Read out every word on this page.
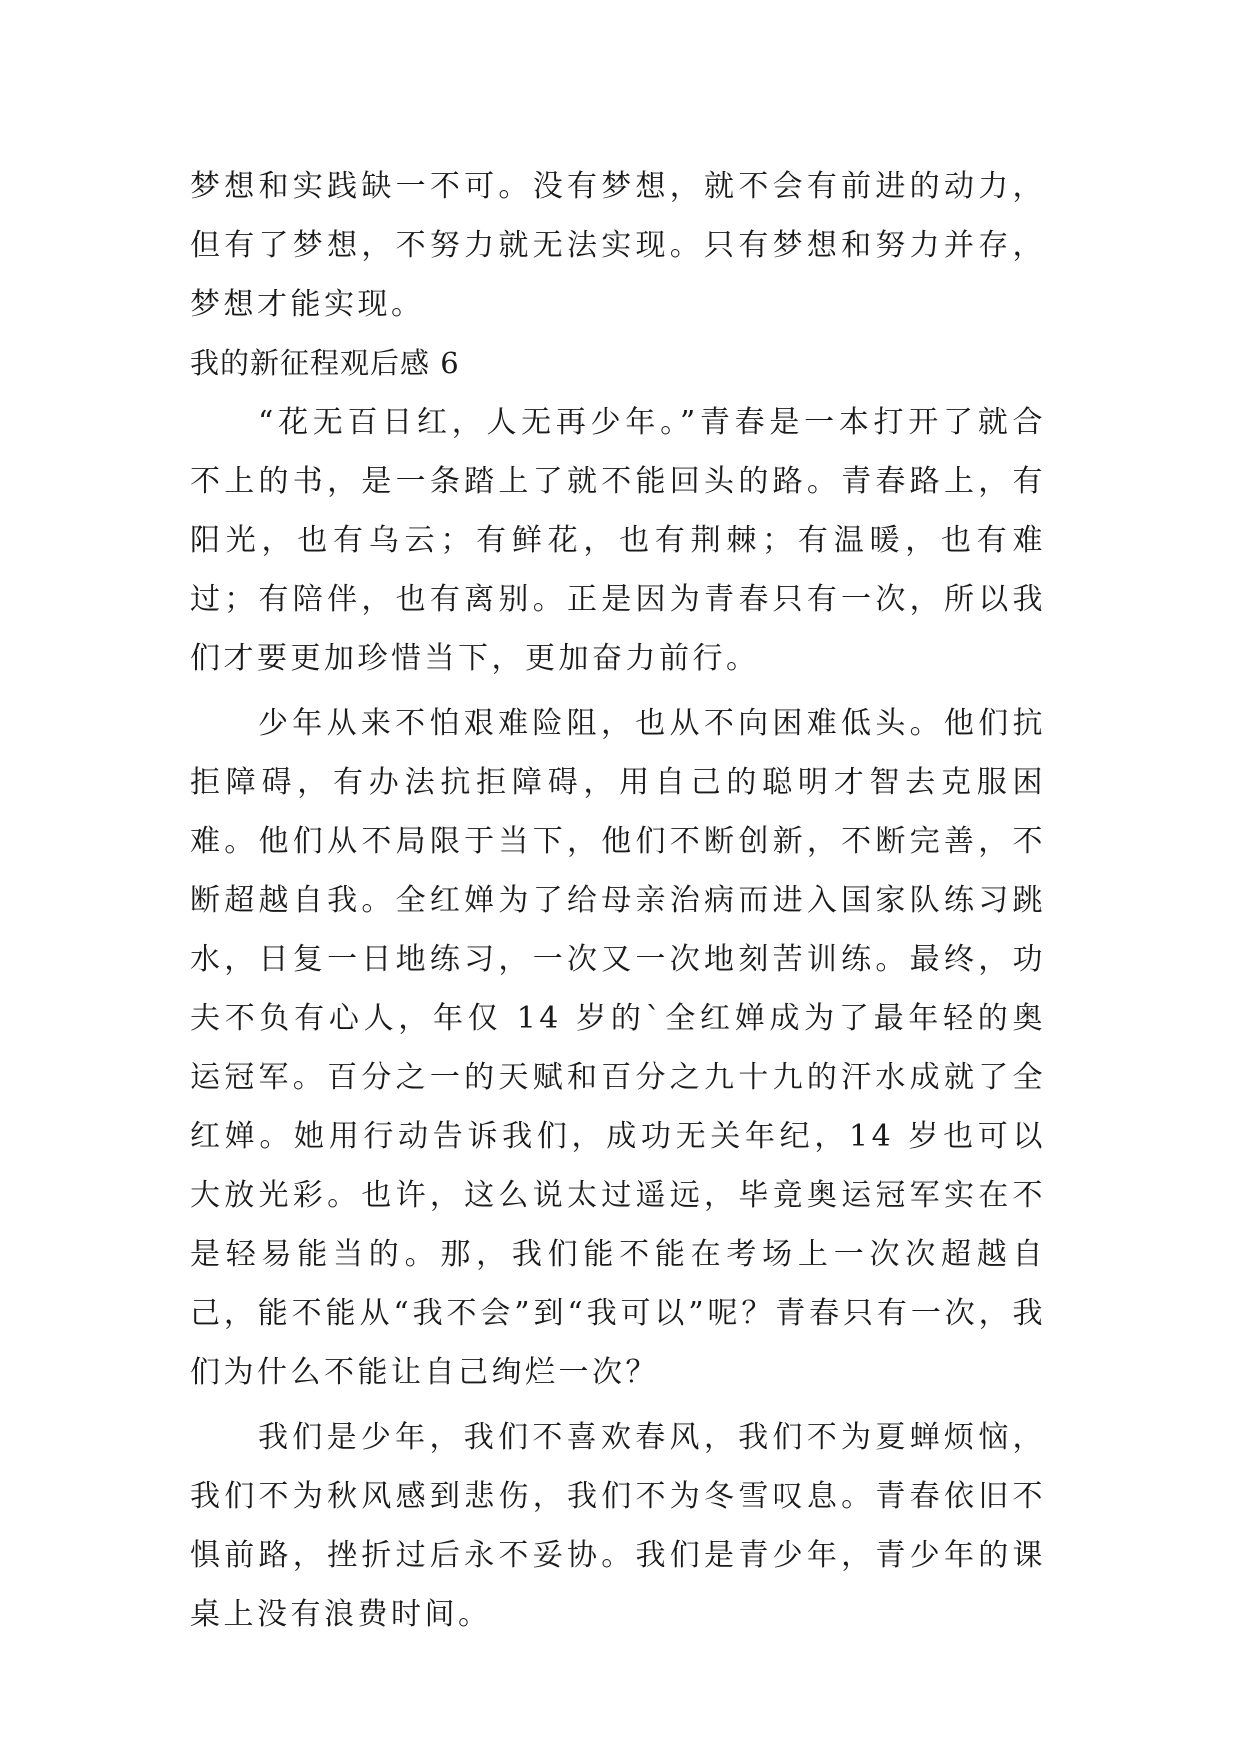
梦想和实践缺一不可。没有梦想，就不会有前进的动力，但有了梦想，不努力就无法实现。只有梦想和努力并存，梦想才能实现。

我的新征程观后感 6

“花无百日红，人无再少年。”青春是一本打开了就合不上的书，是一条踏上了就不能回头的路。青春路上，有阳光，也有乌云；有鲜花，也有荆棘；有温暖，也有难过；有陪伴，也有离别。正是因为青春只有一次，所以我们才要更加珍惜当下，更加奋力前行。

少年从来不怕艰难险阻，也从不向困难低头。他们抗拒障碍，有办法抗拒障碍，用自己的聪明才智去克服困难。他们从不局限于当下，他们不断创新，不断完善，不断超越自我。全红婵为了给母亲治病而进入国家队练习跳水，日复一日地练习，一次又一次地刻苦训练。最终，功夫不负有心人，年仅 14 岁的`全红婵成为了最年轻的奥运冠军。百分之一的天赋和百分之九十九的汗水成就了全红婵。她用行动告诉我们，成功无关年纪，14 岁也可以大放光彩。也许，这么说太过遥远，毕竟奥运冠军实在不是轻易能当的。那，我们能不能在考场上一次次超越自己，能不能从“我不会”到“我可以”呢？青春只有一次，我们为什么不能让自己绚烂一次？

我们是少年，我们不喜欢春风，我们不为夏蝉烦恼，我们不为秋风感到悲伤，我们不为冬雪叹息。青春依旧不惧前路，挫折过后永不妥协。我们是青少年，青少年的课桌上没有浪费时间。
